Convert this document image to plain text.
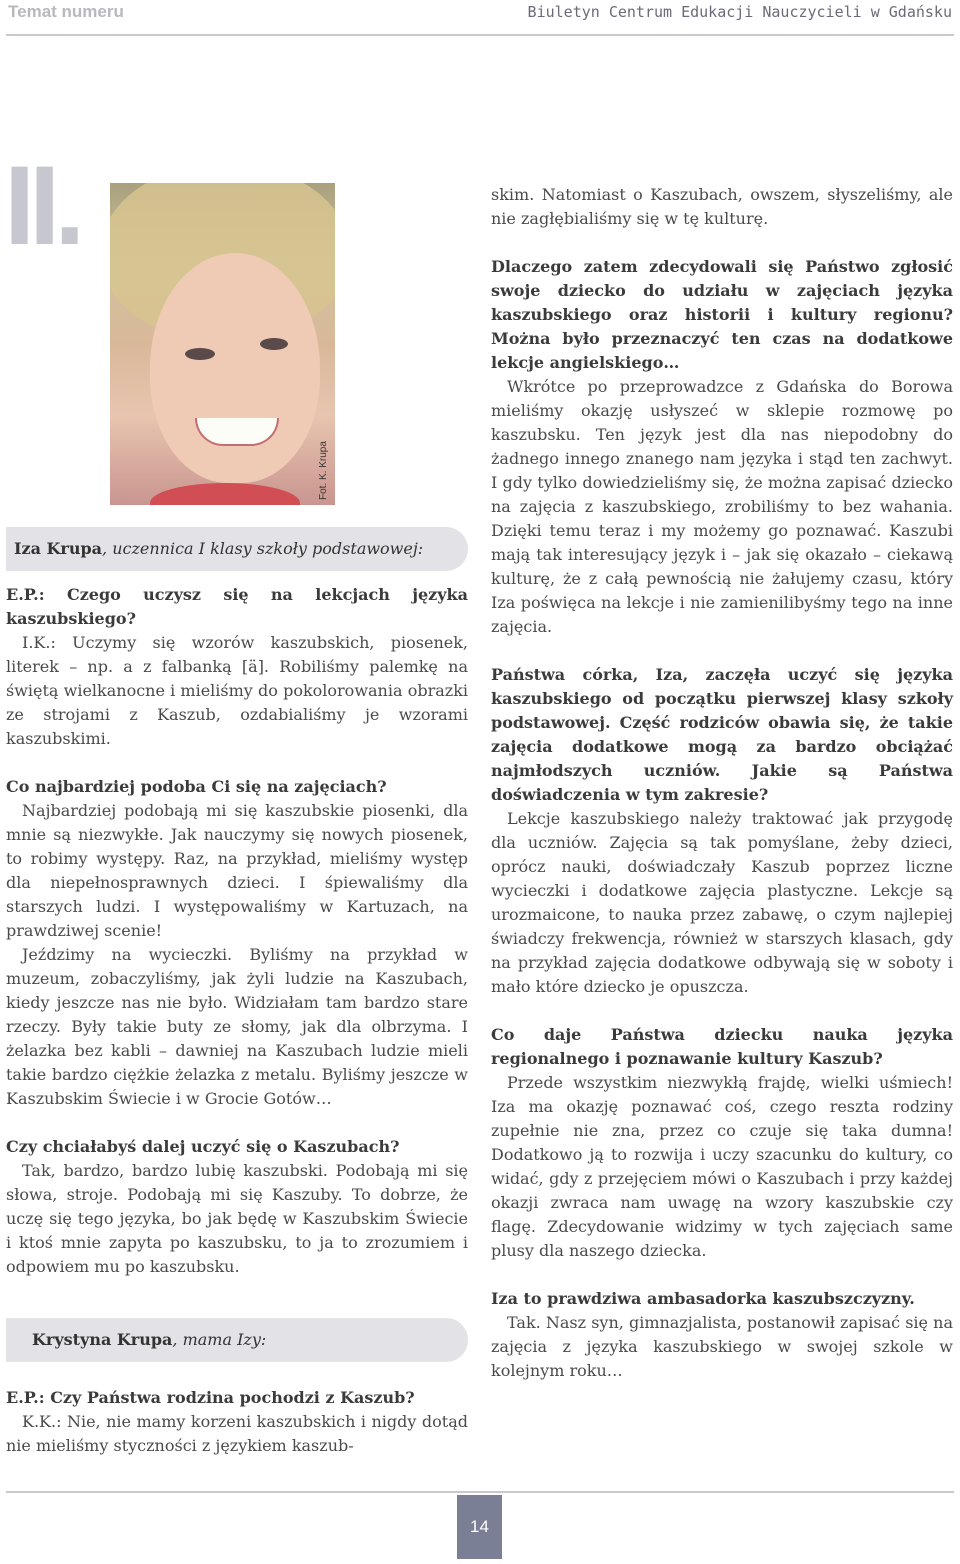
Temat numeru	Biuletyn Centrum Edukacji Nauczycieli w Gdańsku
II.
Fot. K. Krupa
Iza Krupa, uczennica I klasy szkoły podstawowej:

E.P.: Czego uczysz się na lekcjach języka kaszubskiego?

I.K.: Uczymy się wzorów kaszubskich, piosenek, literek – np. a z falbanką [ä]. Robiliśmy palemkę na świętą wielkanocne i mieliśmy do pokolorowania obrazki ze strojami z Kaszub, ozdabialiśmy je wzorami kaszubskimi.

Co najbardziej podoba Ci się na zajęciach?

Najbardziej podobają mi się kaszubskie piosenki, dla mnie są niezwykłe. Jak nauczymy się nowych piosenek, to robimy występy. Raz, na przykład, mieliśmy występ dla niepełnosprawnych dzieci. I śpiewaliśmy dla starszych ludzi. I występowaliśmy w Kartuzach, na prawdziwej scenie!

Jeździmy na wycieczki. Byliśmy na przykład w muzeum, zobaczyliśmy, jak żyli ludzie na Kaszubach, kiedy jeszcze nas nie było. Widziałam tam bardzo stare rzeczy. Były takie buty ze słomy, jak dla olbrzyma. I żelazka bez kabli – dawniej na Kaszubach ludzie mieli takie bardzo ciężkie żelazka z metalu. Byliśmy jeszcze w Kaszubskim Świecie i w Grocie Gotów…

Czy chciałabyś dalej uczyć się o Kaszubach?

Tak, bardzo, bardzo lubię kaszubski. Podobają mi się słowa, stroje. Podobają mi się Kaszuby. To dobrze, że uczę się tego języka, bo jak będę w Kaszubskim Świecie i ktoś mnie zapyta po kaszubsku, to ja to zrozumiem i odpowiem mu po kaszubsku.

Krystyna Krupa, mama Izy:

E.P.: Czy Państwa rodzina pochodzi z Kaszub?

K.K.: Nie, nie mamy korzeni kaszubskich i nigdy dotąd nie mieliśmy styczności z językiem kaszub-

skim. Natomiast o Kaszubach, owszem, słyszeliśmy, ale nie zagłębialiśmy się w tę kulturę.

Dlaczego zatem zdecydowali się Państwo zgłosić swoje dziecko do udziału w zajęciach języka kaszubskiego oraz historii i kultury regionu? Można było przeznaczyć ten czas na dodatkowe lekcje angielskiego…

Wkrótce po przeprowadzce z Gdańska do Borowa mieliśmy okazję usłyszeć w sklepie rozmowę po kaszubsku. Ten język jest dla nas niepodobny do żadnego innego znanego nam języka i stąd ten zachwyt. I gdy tylko dowiedzieliśmy się, że można zapisać dziecko na zajęcia z kaszubskiego, zrobiliśmy to bez wahania. Dzięki temu teraz i my możemy go poznawać. Kaszubi mają tak interesujący język i – jak się okazało – ciekawą kulturę, że z całą pewnością nie żałujemy czasu, który Iza poświęca na lekcje i nie zamienilibyśmy tego na inne zajęcia.

Państwa córka, Iza, zaczęła uczyć się języka kaszubskiego od początku pierwszej klasy szkoły podstawowej. Część rodziców obawia się, że takie zajęcia dodatkowe mogą za bardzo obciążać najmłodszych uczniów. Jakie są Państwa doświadczenia w tym zakresie?

Lekcje kaszubskiego należy traktować jak przygodę dla uczniów. Zajęcia są tak pomyślane, żeby dzieci, oprócz nauki, doświadczały Kaszub poprzez liczne wycieczki i dodatkowe zajęcia plastyczne. Lekcje są urozmaicone, to nauka przez zabawę, o czym najlepiej świadczy frekwencja, również w starszych klasach, gdy na przykład zajęcia dodatkowe odbywają się w soboty i mało które dziecko je opuszcza.

Co daje Państwa dziecku nauka języka regionalnego i poznawanie kultury Kaszub?

Przede wszystkim niezwykłą frajdę, wielki uśmiech! Iza ma okazję poznawać coś, czego reszta rodziny zupełnie nie zna, przez co czuje się taka dumna! Dodatkowo ją to rozwija i uczy szacunku do kultury, co widać, gdy z przejęciem mówi o Kaszubach i przy każdej okazji zwraca nam uwagę na wzory kaszubskie czy flagę. Zdecydowanie widzimy w tych zajęciach same plusy dla naszego dziecka.

Iza to prawdziwa ambasadorka kaszubszczyzny.

Tak. Nasz syn, gimnazjalista, postanowił zapisać się na zajęcia z języka kaszubskiego w swojej szkole w kolejnym roku…

14
